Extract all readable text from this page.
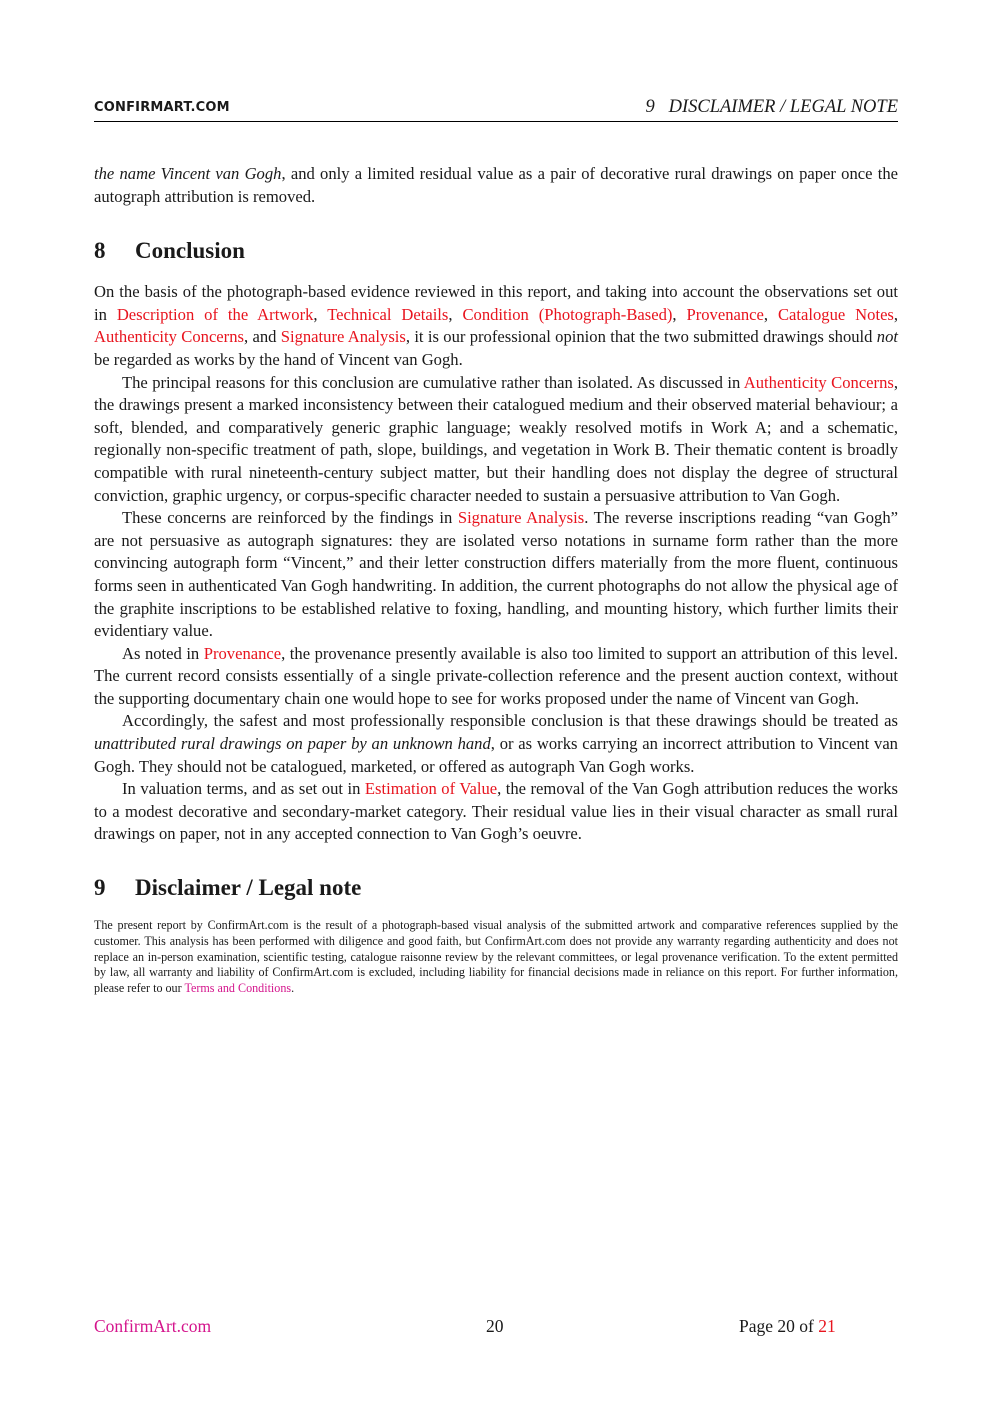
CONFIRMART.COM	9   DISCLAIMER / LEGAL NOTE

the name Vincent van Gogh, and only a limited residual value as a pair of decorative rural drawings on paper once the autograph attribution is removed.

8	Conclusion

On the basis of the photograph-based evidence reviewed in this report, and taking into account the observations set out in Description of the Artwork, Technical Details, Condition (Photograph-Based), Provenance, Catalogue Notes, Authenticity Concerns, and Signature Analysis, it is our professional opinion that the two submitted drawings should not be regarded as works by the hand of Vincent van Gogh.

The principal reasons for this conclusion are cumulative rather than isolated. As discussed in Authenticity Concerns, the drawings present a marked inconsistency between their catalogued medium and their observed material behaviour; a soft, blended, and comparatively generic graphic language; weakly resolved motifs in Work A; and a schematic, regionally non-specific treatment of path, slope, buildings, and vegetation in Work B. Their thematic content is broadly compatible with rural nineteenth-century subject matter, but their handling does not display the degree of structural conviction, graphic urgency, or corpus-specific character needed to sustain a persuasive attribution to Van Gogh.

These concerns are reinforced by the findings in Signature Analysis. The reverse inscriptions reading “van Gogh” are not persuasive as autograph signatures: they are isolated verso notations in surname form rather than the more convincing autograph form “Vincent,” and their letter construction differs materially from the more fluent, continuous forms seen in authenticated Van Gogh handwriting. In addition, the current photographs do not allow the physical age of the graphite inscriptions to be established relative to foxing, handling, and mounting history, which further limits their evidentiary value.

As noted in Provenance, the provenance presently available is also too limited to support an attribution of this level. The current record consists essentially of a single private-collection reference and the present auction context, without the supporting documentary chain one would hope to see for works proposed under the name of Vincent van Gogh.

Accordingly, the safest and most professionally responsible conclusion is that these drawings should be treated as unattributed rural drawings on paper by an unknown hand, or as works carrying an incorrect attribution to Vincent van Gogh. They should not be catalogued, marketed, or offered as autograph Van Gogh works.

In valuation terms, and as set out in Estimation of Value, the removal of the Van Gogh attribution reduces the works to a modest decorative and secondary-market category. Their residual value lies in their visual character as small rural drawings on paper, not in any accepted connection to Van Gogh’s oeuvre.

9	Disclaimer / Legal note

The present report by ConfirmArt.com is the result of a photograph-based visual analysis of the submitted artwork and comparative references supplied by the customer. This analysis has been performed with diligence and good faith, but ConfirmArt.com does not provide any warranty regarding authenticity and does not replace an in-person examination, scientific testing, catalogue raisonne review by the relevant committees, or legal provenance verification. To the extent permitted by law, all warranty and liability of ConfirmArt.com is excluded, including liability for financial decisions made in reliance on this report. For further information, please refer to our Terms and Conditions.

ConfirmArt.com	20	Page 20 of 21
